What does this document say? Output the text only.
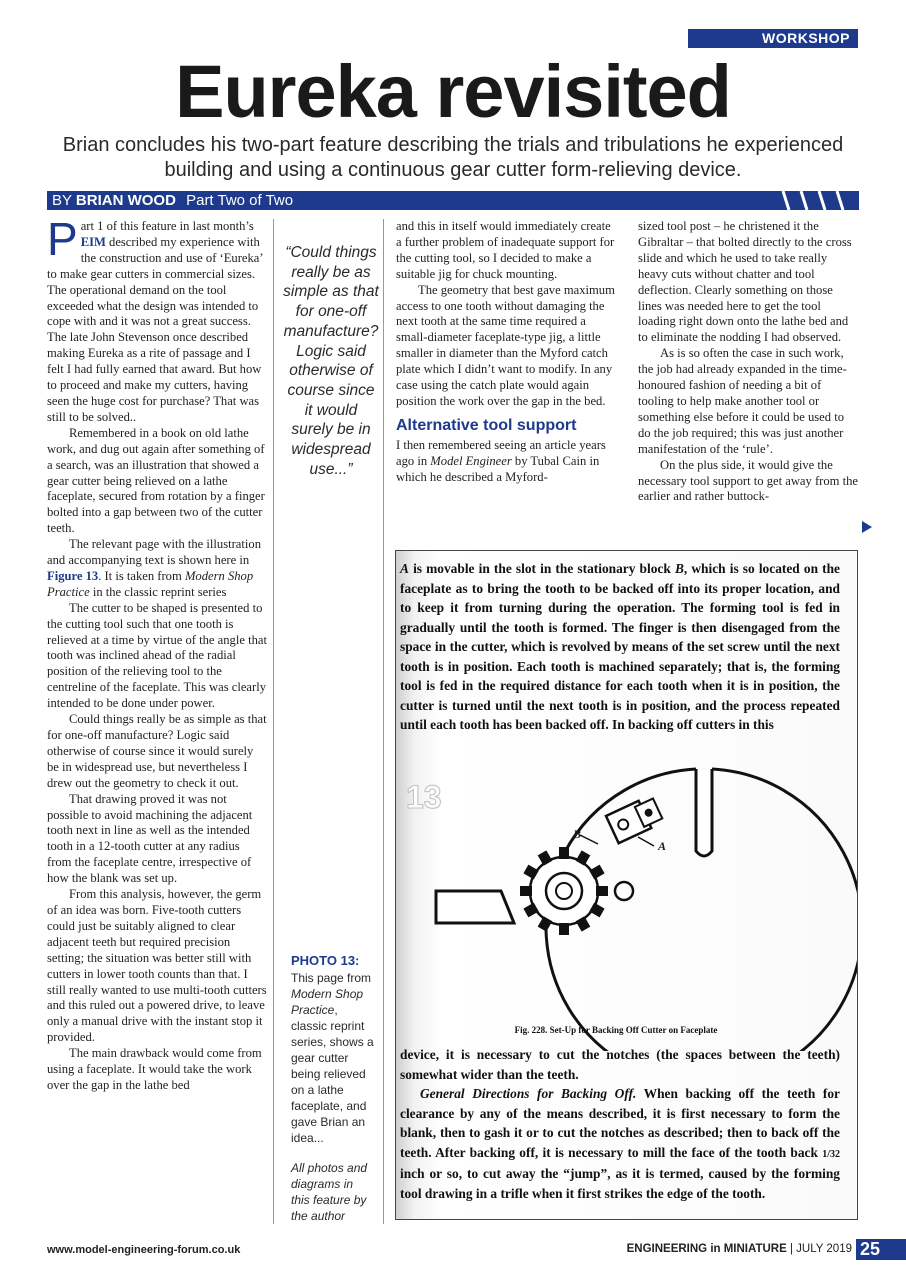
WORKSHOP
Eureka revisited
Brian concludes his two-part feature describing the trials and tribulations he experienced building and using a continuous gear cutter form-relieving device.
BY BRIAN WOOD Part Two of Two

Part 1 of this feature in last month’s EIM described my experience with the construction and use of ‘Eureka’ to make gear cutters in commercial sizes. The operational demand on the tool exceeded what the design was intended to cope with and it was not a great success. The late John Stevenson once described making Eureka as a rite of passage and I felt I had fully earned that award. But how to proceed and make my cutters, having seen the huge cost for purchase? That was still to be solved..

Remembered in a book on old lathe work, and dug out again after something of a search, was an illustration that showed a gear cutter being relieved on a lathe faceplate, secured from rotation by a finger bolted into a gap between two of the cutter teeth.

The relevant page with the illustration and accompanying text is shown here in Figure 13. It is taken from Modern Shop Practice in the classic reprint series

The cutter to be shaped is presented to the cutting tool such that one tooth is relieved at a time by virtue of the angle that tooth was inclined ahead of the radial position of the relieving tool to the centreline of the faceplate. This was clearly intended to be done under power.

Could things really be as simple as that for one-off manufacture? Logic said otherwise of course since it would surely be in widespread use, but nevertheless I drew out the geometry to check it out.

That drawing proved it was not possible to avoid machining the adjacent tooth next in line as well as the intended tooth in a 12-tooth cutter at any radius from the faceplate centre, irrespective of how the blank was set up.

From this analysis, however, the germ of an idea was born. Five-tooth cutters could just be suitably aligned to clear adjacent teeth but required precision setting; the situation was better still with cutters in lower tooth counts than that. I still really wanted to use multi-tooth cutters and this ruled out a powered drive, to leave only a manual drive with the instant stop it provided.

The main drawback would come from using a faceplate. It would take the work over the gap in the lathe bed

“Could things really be as simple as that for one-off manufacture? Logic said otherwise of course since it would surely be in widespread use...”
PHOTO 13:
This page from Modern Shop Practice, classic reprint series, shows a gear cutter being relieved on a lathe faceplate, and gave Brian an idea...
All photos and diagrams in this feature by the author

and this in itself would immediately create a further problem of inadequate support for the cutting tool, so I decided to make a suitable jig for chuck mounting.

The geometry that best gave maximum access to one tooth without damaging the next tooth at the same time required a small-diameter faceplate-type jig, a little smaller in diameter than the Myford catch plate which I didn’t want to modify. In any case using the catch plate would again position the work over the gap in the bed.

Alternative tool support

I then remembered seeing an article years ago in Model Engineer by Tubal Cain in which he described a Myford-

sized tool post – he christened it the Gibraltar – that bolted directly to the cross slide and which he used to take really heavy cuts without chatter and tool deflection. Clearly something on those lines was needed here to get the tool loading right down onto the lathe bed and to eliminate the nodding I had observed.

As is so often the case in such work, the job had already expanded in the time-honoured fashion of needing a bit of tooling to help make another tool or something else before it could be used to do the job required; this was just another manifestation of the ‘rule’.

On the plus side, it would give the necessary tool support to get away from the earlier and rather buttock-

A is movable in the slot in the stationary block B, which is so located on the faceplate as to bring the tooth to be backed off into its proper location, and to keep it from turning during the operation. The forming tool is fed in gradually until the tooth is formed. The finger is then disengaged from the space in the cutter, which is revolved by means of the set screw until the next tooth is in position. Each tooth is machined separately; that is, the forming tool is fed in the required distance for each tooth when it is in position, the cutter is turned until the next tooth is in position, and the process repeated until each tooth has been backed off. In backing off cutters in this
B
A
13
Fig. 228. Set-Up for Backing Off Cutter on Faceplate
device, it is necessary to cut the notches (the spaces between the teeth) somewhat wider than the teeth.
General Directions for Backing Off. When backing off the teeth for clearance by any of the means described, it is first necessary to form the blank, then to gash it or to cut the notches as described; then to back off the teeth. After backing off, it is necessary to mill the face of the tooth back 1/32 inch or so, to cut away the “jump”, as it is termed, caused by the forming tool drawing in a trifle when it first strikes the edge of the tooth.
www.model-engineering-forum.co.uk	ENGINEERING in MINIATURE | JULY 2019 25
